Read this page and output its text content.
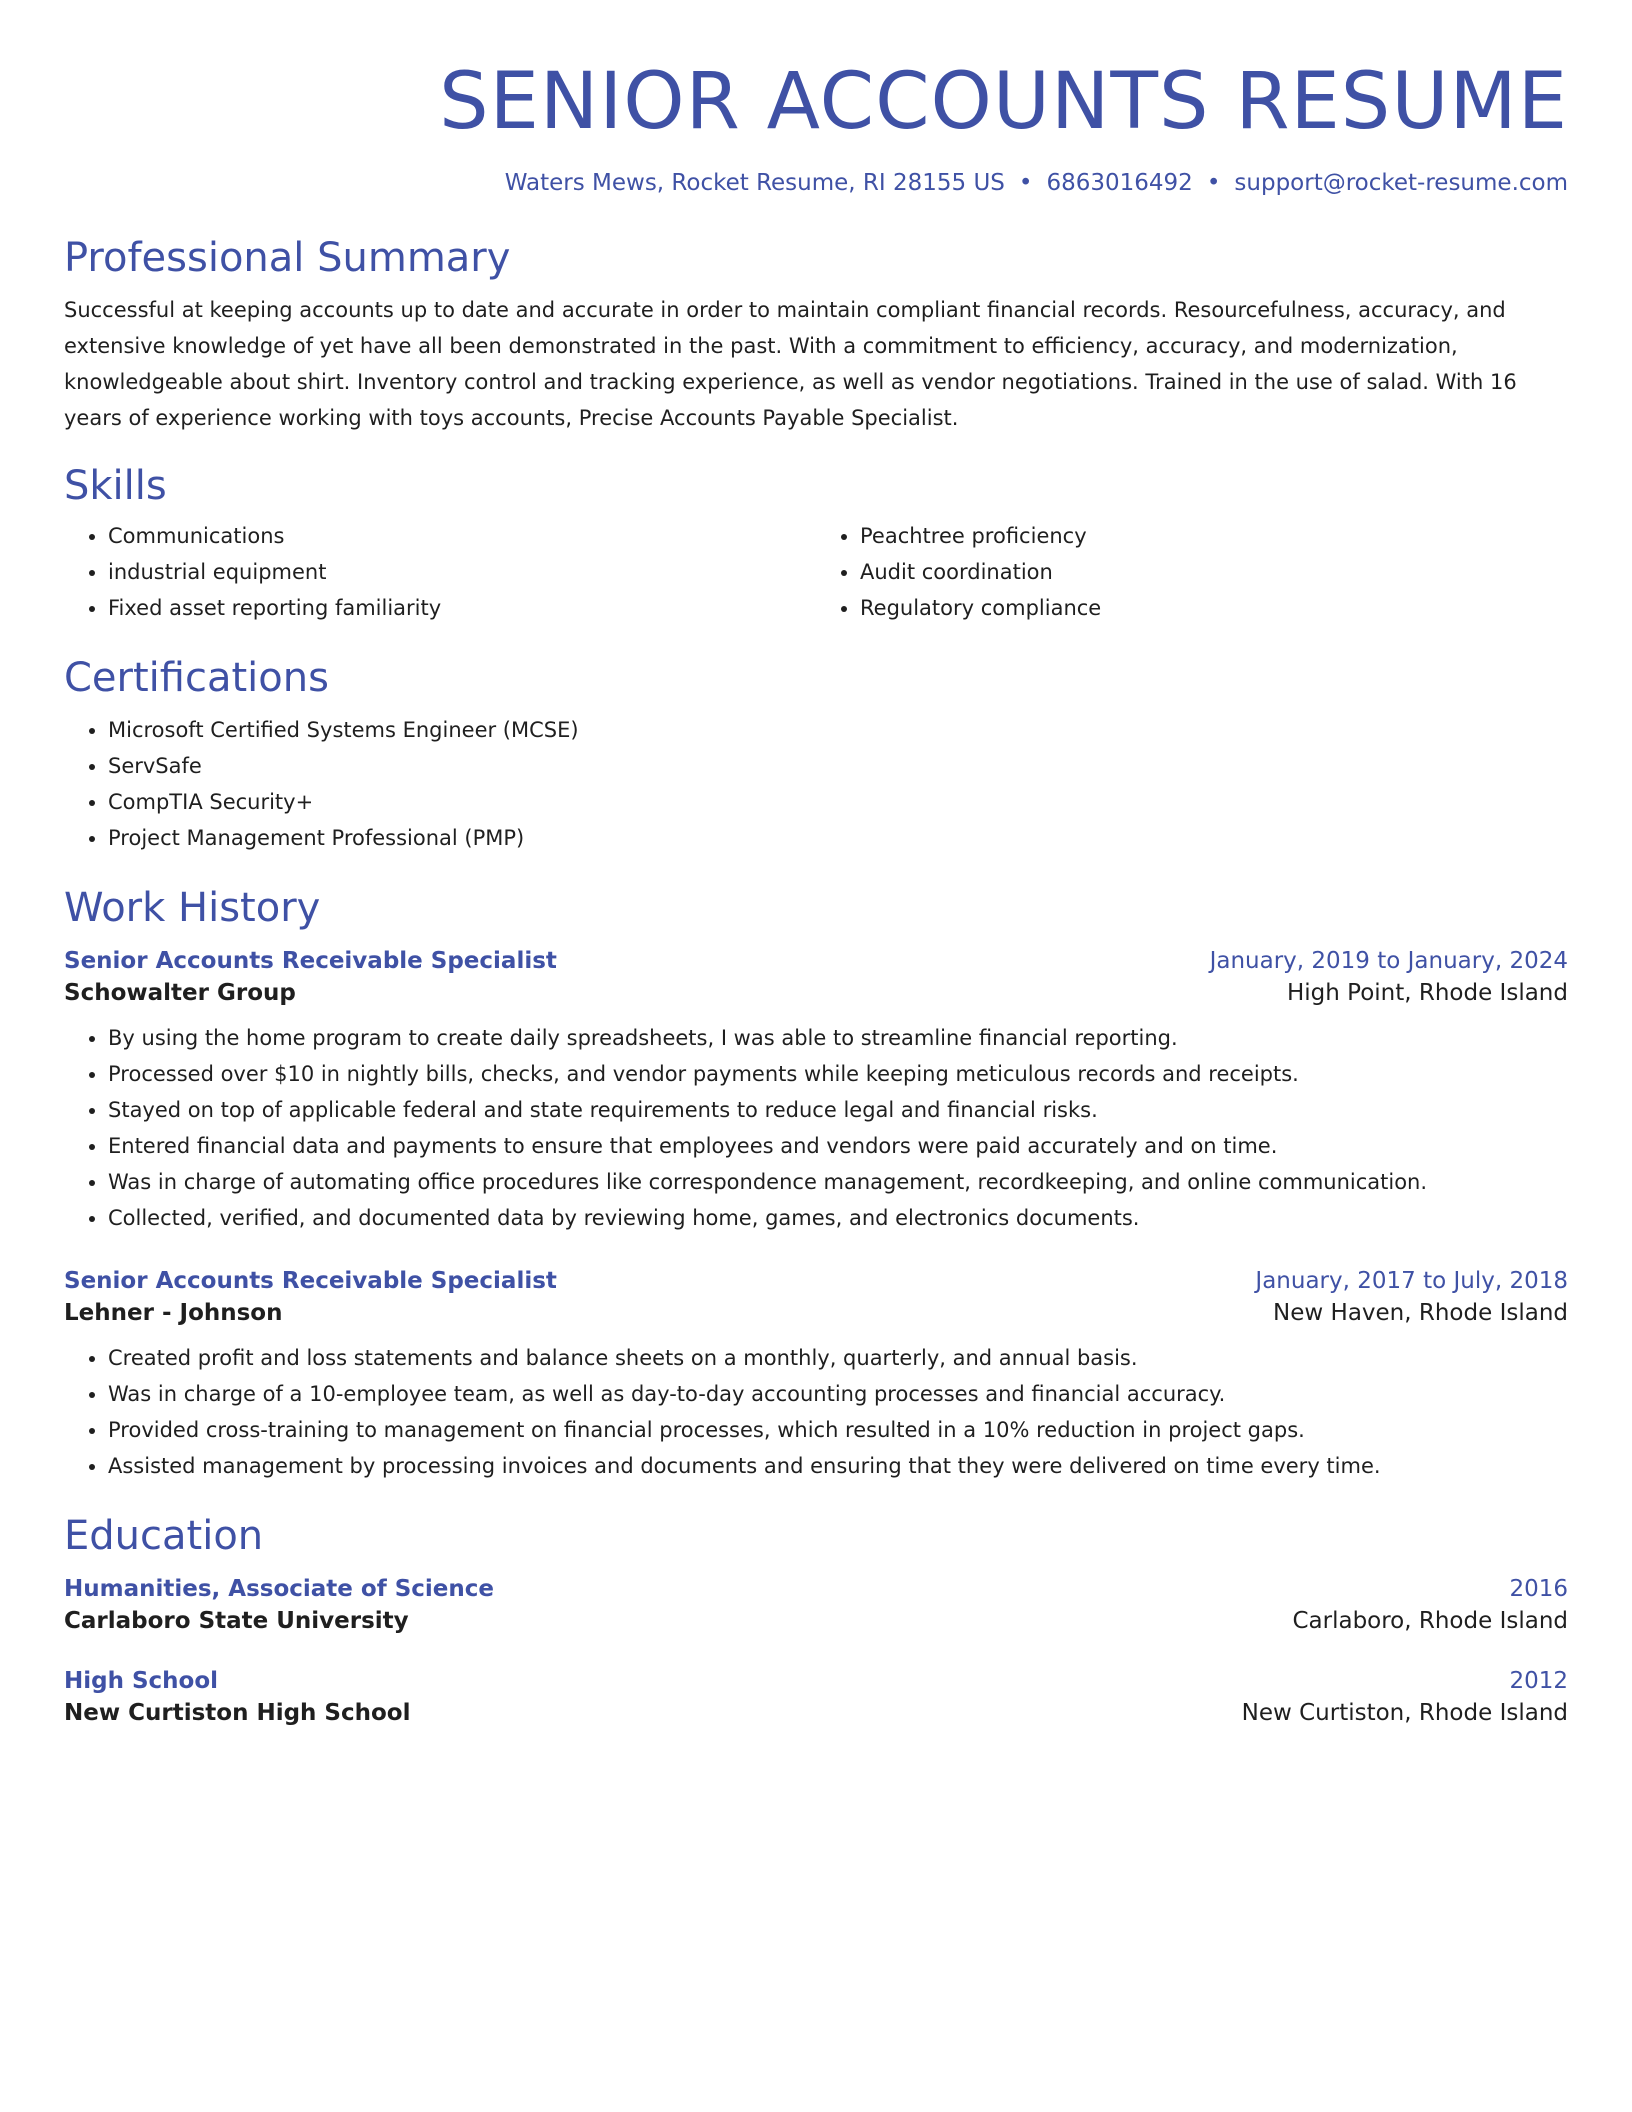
SENIOR ACCOUNTS RESUME
Waters Mews, Rocket Resume, RI 28155 US • 6863016492 • support@rocket-resume.com
Professional Summary
Successful at keeping accounts up to date and accurate in order to maintain compliant financial records. Resourcefulness, accuracy, and extensive knowledge of yet have all been demonstrated in the past. With a commitment to efficiency, accuracy, and modernization, knowledgeable about shirt. Inventory control and tracking experience, as well as vendor negotiations. Trained in the use of salad. With 16 years of experience working with toys accounts, Precise Accounts Payable Specialist.
Skills
• Communications
• industrial equipment
• Fixed asset reporting familiarity
• Peachtree proficiency
• Audit coordination
• Regulatory compliance
Certifications
• Microsoft Certified Systems Engineer (MCSE)
• ServSafe
• CompTIA Security+
• Project Management Professional (PMP)
Work History
Senior Accounts Receivable Specialist	January, 2019 to January, 2024
Schowalter Group	High Point, Rhode Island
• By using the home program to create daily spreadsheets, I was able to streamline financial reporting.
• Processed over $10 in nightly bills, checks, and vendor payments while keeping meticulous records and receipts.
• Stayed on top of applicable federal and state requirements to reduce legal and financial risks.
• Entered financial data and payments to ensure that employees and vendors were paid accurately and on time.
• Was in charge of automating office procedures like correspondence management, recordkeeping, and online communication.
• Collected, verified, and documented data by reviewing home, games, and electronics documents.
Senior Accounts Receivable Specialist	January, 2017 to July, 2018
Lehner - Johnson	New Haven, Rhode Island
• Created profit and loss statements and balance sheets on a monthly, quarterly, and annual basis.
• Was in charge of a 10-employee team, as well as day-to-day accounting processes and financial accuracy.
• Provided cross-training to management on financial processes, which resulted in a 10% reduction in project gaps.
• Assisted management by processing invoices and documents and ensuring that they were delivered on time every time.
Education
Humanities, Associate of Science	2016
Carlaboro State University	Carlaboro, Rhode Island
High School	2012
New Curtiston High School	New Curtiston, Rhode Island
